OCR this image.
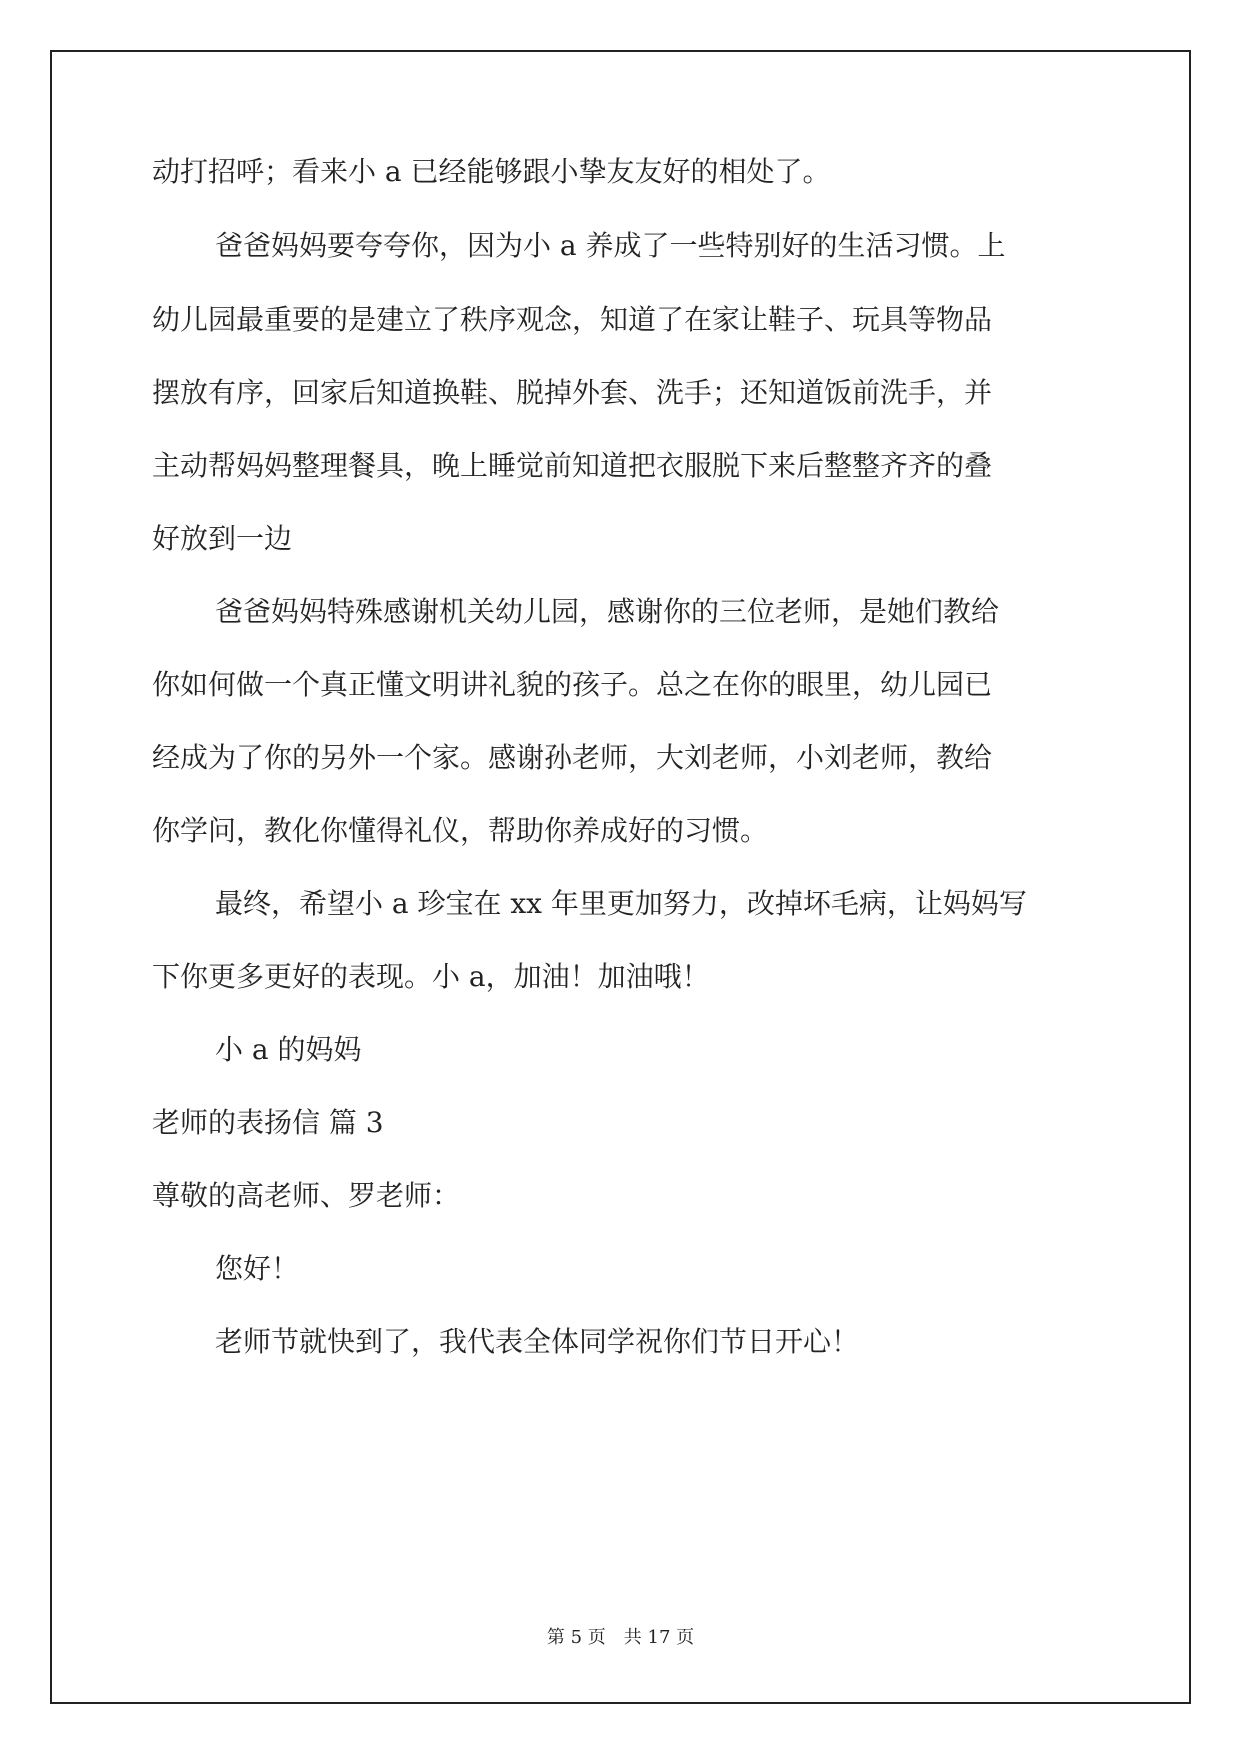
动打招呼；看来小 a 已经能够跟小挚友友好的相处了。
爸爸妈妈要夸夸你，因为小 a 养成了一些特别好的生活习惯。上
幼儿园最重要的是建立了秩序观念，知道了在家让鞋子、玩具等物品
摆放有序，回家后知道换鞋、脱掉外套、洗手；还知道饭前洗手，并
主动帮妈妈整理餐具，晚上睡觉前知道把衣服脱下来后整整齐齐的叠
好放到一边
爸爸妈妈特殊感谢机关幼儿园，感谢你的三位老师，是她们教给
你如何做一个真正懂文明讲礼貌的孩子。总之在你的眼里，幼儿园已
经成为了你的另外一个家。感谢孙老师，大刘老师，小刘老师，教给
你学问，教化你懂得礼仪，帮助你养成好的习惯。
最终，希望小 a 珍宝在 xx 年里更加努力，改掉坏毛病，让妈妈写
下你更多更好的表现。小 a，加油！加油哦！
小 a 的妈妈
老师的表扬信 篇 3
尊敬的高老师、罗老师：
您好！
老师节就快到了，我代表全体同学祝你们节日开心！
第 5 页　共 17 页
